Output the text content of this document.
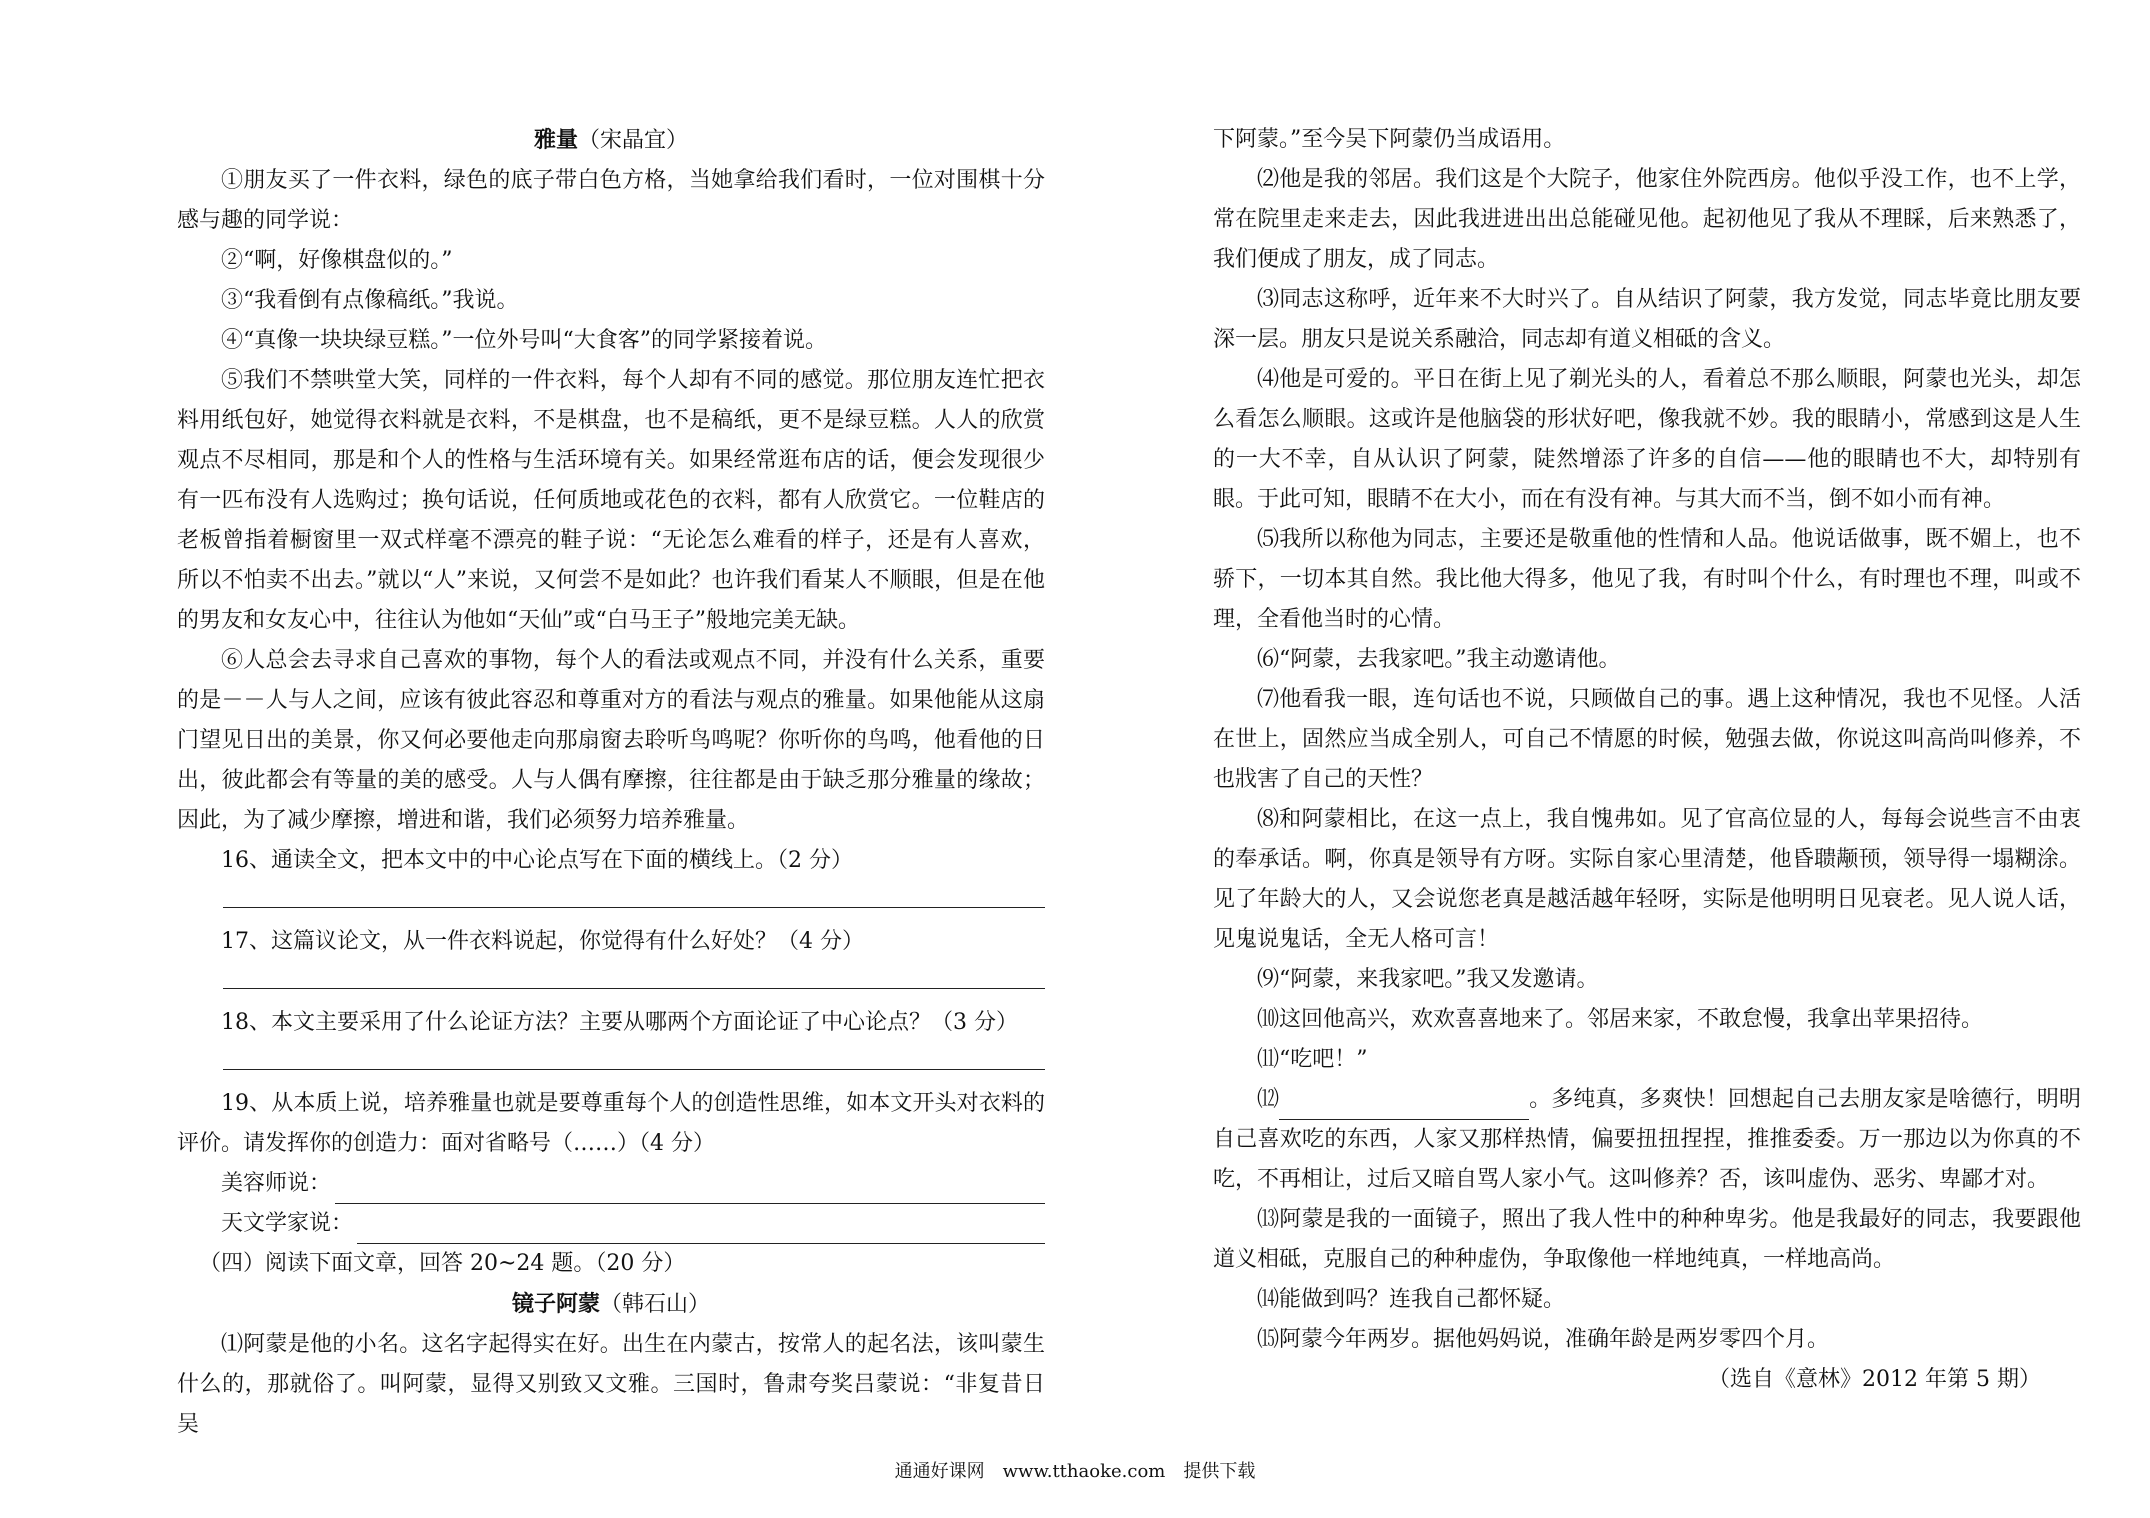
雅量（宋晶宜）

①朋友买了一件衣料，绿色的底子带白色方格，当她拿给我们看时，一位对围棋十分感与趣的同学说：

②“啊，好像棋盘似的。”

③“我看倒有点像稿纸。”我说。

④“真像一块块绿豆糕。”一位外号叫“大食客”的同学紧接着说。

⑤我们不禁哄堂大笑，同样的一件衣料，每个人却有不同的感觉。那位朋友连忙把衣料用纸包好，她觉得衣料就是衣料，不是棋盘，也不是稿纸，更不是绿豆糕。人人的欣赏观点不尽相同，那是和个人的性格与生活环境有关。如果经常逛布店的话，便会发现很少有一匹布没有人选购过；换句话说，任何质地或花色的衣料，都有人欣赏它。一位鞋店的老板曾指着橱窗里一双式样毫不漂亮的鞋子说：“无论怎么难看的样子，还是有人喜欢，所以不怕卖不出去。”就以“人”来说，又何尝不是如此？也许我们看某人不顺眼，但是在他的男友和女友心中，往往认为他如“天仙”或“白马王子”般地完美无缺。

⑥人总会去寻求自己喜欢的事物，每个人的看法或观点不同，并没有什么关系，重要的是－－人与人之间，应该有彼此容忍和尊重对方的看法与观点的雅量。如果他能从这扇门望见日出的美景，你又何必要他走向那扇窗去聆听鸟鸣呢？你听你的鸟鸣，他看他的日出，彼此都会有等量的美的感受。人与人偶有摩擦，往往都是由于缺乏那分雅量的缘故；因此，为了减少摩擦，增进和谐，我们必须努力培养雅量。

16、通读全文，把本文中的中心论点写在下面的横线上。（2 分）

17、这篇议论文，从一件衣料说起，你觉得有什么好处？（4 分）

18、本文主要采用了什么论证方法？主要从哪两个方面论证了中心论点？（3 分）

19、从本质上说，培养雅量也就是要尊重每个人的创造性思维，如本文开头对衣料的评价。请发挥你的创造力：面对省略号（……）（4 分）

美容师说：
天文学家说：

（四）阅读下面文章，回答 20~24 题。（20 分）

镜子阿蒙（韩石山）

⑴阿蒙是他的小名。这名字起得实在好。出生在内蒙古，按常人的起名法，该叫蒙生什么的，那就俗了。叫阿蒙，显得又别致又文雅。三国时，鲁肃夸奖吕蒙说：“非复昔日吴

下阿蒙。”至今吴下阿蒙仍当成语用。

⑵他是我的邻居。我们这是个大院子，他家住外院西房。他似乎没工作，也不上学，常在院里走来走去，因此我进进出出总能碰见他。起初他见了我从不理睬，后来熟悉了，我们便成了朋友，成了同志。

⑶同志这称呼，近年来不大时兴了。自从结识了阿蒙，我方发觉，同志毕竟比朋友要深一层。朋友只是说关系融洽，同志却有道义相砥的含义。

⑷他是可爱的。平日在街上见了剃光头的人，看着总不那么顺眼，阿蒙也光头，却怎么看怎么顺眼。这或许是他脑袋的形状好吧，像我就不妙。我的眼睛小，常感到这是人生的一大不幸，自从认识了阿蒙，陡然增添了许多的自信——他的眼睛也不大，却特别有眼。于此可知，眼睛不在大小，而在有没有神。与其大而不当，倒不如小而有神。

⑸我所以称他为同志，主要还是敬重他的性情和人品。他说话做事，既不媚上，也不骄下，一切本其自然。我比他大得多，他见了我，有时叫个什么，有时理也不理，叫或不理，全看他当时的心情。

⑹“阿蒙，去我家吧。”我主动邀请他。

⑺他看我一眼，连句话也不说，只顾做自己的事。遇上这种情况，我也不见怪。人活在世上，固然应当成全别人，可自己不情愿的时候，勉强去做，你说这叫高尚叫修养，不也戕害了自己的天性？

⑻和阿蒙相比，在这一点上，我自愧弗如。见了官高位显的人，每每会说些言不由衷的奉承话。啊，你真是领导有方呀。实际自家心里清楚，他昏聩颟顸，领导得一塌糊涂。见了年龄大的人，又会说您老真是越活越年轻呀，实际是他明明日见衰老。见人说人话，见鬼说鬼话，全无人格可言！

⑼“阿蒙，来我家吧。”我又发邀请。

⑽这回他高兴，欢欢喜喜地来了。邻居来家，不敢怠慢，我拿出苹果招待。

⑾“吃吧！”

⑿	。多纯真，多爽快！回想起自己去朋友家是啥德行，明明自己喜欢吃的东西，人家又那样热情，偏要扭扭捏捏，推推委委。万一那边以为你真的不吃，不再相让，过后又暗自骂人家小气。这叫修养？否，该叫虚伪、恶劣、卑鄙才对。

⒀阿蒙是我的一面镜子，照出了我人性中的种种卑劣。他是我最好的同志，我要跟他道义相砥，克服自己的种种虚伪，争取像他一样地纯真，一样地高尚。

⒁能做到吗？连我自己都怀疑。

⒂阿蒙今年两岁。据他妈妈说，准确年龄是两岁零四个月。

（选自《意林》2012 年第 5 期）

通通好课网　www.tthaoke.com　提供下载
